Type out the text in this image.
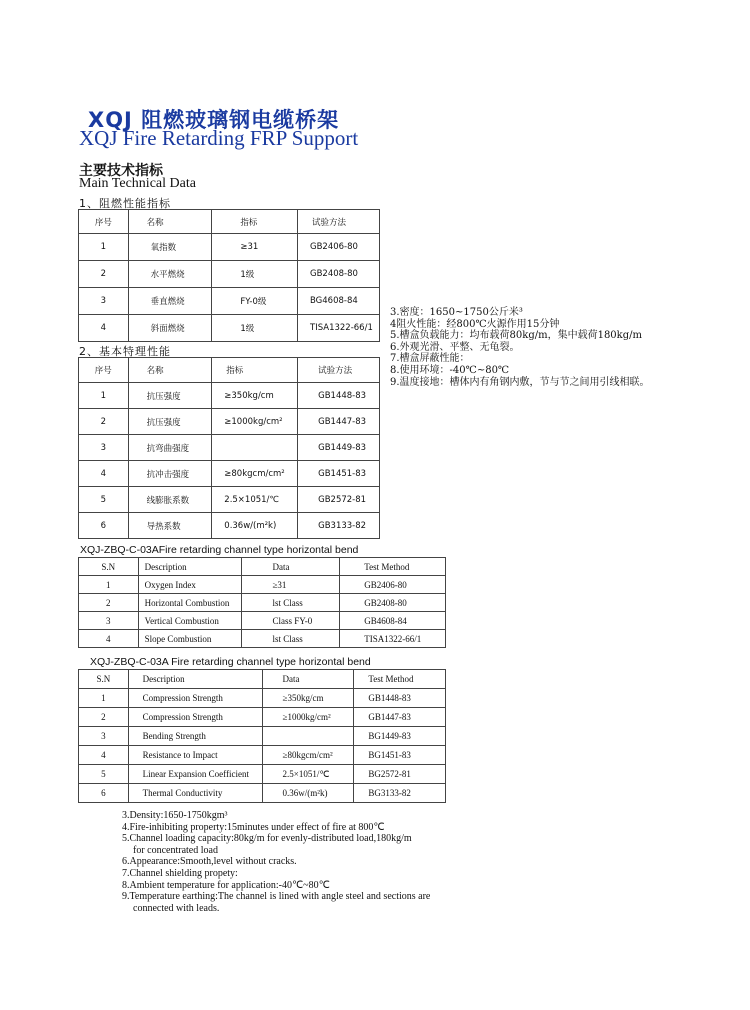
XQJ 阻燃玻璃钢电缆桥架
XQJ Fire Retarding FRP Support
主要技术指标
Main Technical Data
1、阻燃性能指标
序号	名称	指标	试验方法
1	氧指数	≥31	GB2406-80
2	水平燃烧	1级	GB2408-80
3	垂直燃烧	FY-0级	BG4608-84
4	斜面燃烧	1级	TISA1322-66/1
2、基本特理性能
序号	名称	指标	试验方法
1	抗压强度	≥350kg/cm	GB1448-83
2	抗压强度	≥1000kg/cm²	GB1447-83
3	抗弯曲强度		GB1449-83
4	抗冲击强度	≥80kgcm/cm²	GB1451-83
5	线膨胀系数	2.5×1051/℃	GB2572-81
6	导热系数	0.36w/(m²k)	GB3133-82
3.密度：1650~1750公斤米³
4阻火性能：经800℃火源作用15分钟
5.槽盒负载能力：均布载荷80kg/m，集中载荷180kg/m
6.外观光滑、平整、无龟裂。
7.槽盒屏蔽性能：
8.使用环境：-40℃~80℃
9.温度接地：槽体内有角钢内敷，节与节之间用引线相联。
XQJ-ZBQ-C-03AFire retarding channel type horizontal bend
S.N	Description	Data	Test Method
1	Oxygen Index	≥31	GB2406-80
2	Horizontal Combustion	lst Class	GB2408-80
3	Vertical Combustion	Class FY-0	GB4608-84
4	Slope Combustion	lst Class	TISA1322-66/1
XQJ-ZBQ-C-03A Fire retarding channel type horizontal bend
S.N	Description	Data	Test Method
1	Compression Strength	≥350kg/cm	GB1448-83
2	Compression Strength	≥1000kg/cm²	GB1447-83
3	Bending Strength		BG1449-83
4	Resistance to Impact	≥80kgcm/cm²	BG1451-83
5	Linear Expansion Coefficient	2.5×1051/℃	BG2572-81
6	Thermal Conductivity	0.36w/(m²k)	BG3133-82
3.Density:1650-1750kgm³
4.Fire-inhibiting property:15minutes under effect of fire at 800℃
5.Channel loading capacity:80kg/m for evenly-distributed load,180kg/m
for concentrated load
6.Appearance:Smooth,level without cracks.
7.Channel shielding propety:
8.Ambient temperature for application:-40℃~80℃
9.Temperature earthing:The channel is lined with angle steel and sections are
connected with leads.
